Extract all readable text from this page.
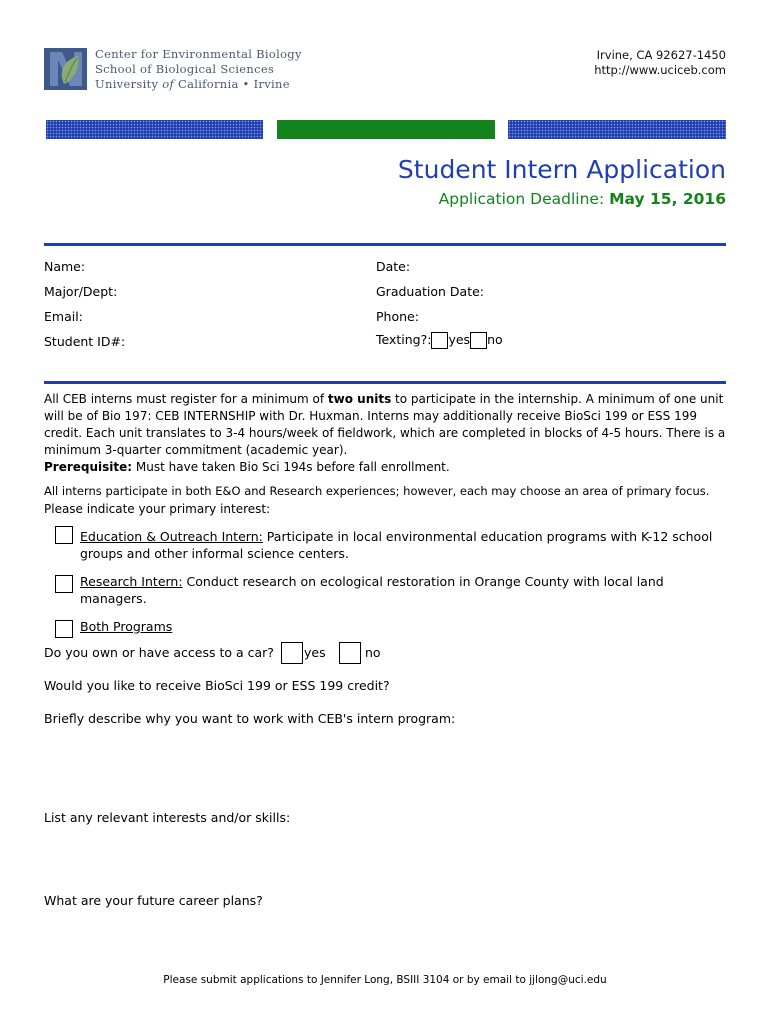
Center for Environmental Biology
School of Biological Sciences
University of California • Irvine
Irvine, CA 92627-1450
http://www.uciceb.com
Student Intern Application
Application Deadline: May 15, 2016
Name:	Date:
Major/Dept:	Graduation Date:
Email:	Phone:
Student ID#:	Texting?: yes no
All CEB interns must register for a minimum of two units to participate in the internship. A minimum of one unit will be of Bio 197: CEB INTERNSHIP with Dr. Huxman. Interns may additionally receive BioSci 199 or ESS 199 credit. Each unit translates to 3-4 hours/week of fieldwork, which are completed in blocks of 4-5 hours. There is a minimum 3-quarter commitment (academic year).
Prerequisite: Must have taken Bio Sci 194s before fall enrollment.
All interns participate in both E&O and Research experiences; however, each may choose an area of primary focus.
Please indicate your primary interest:
Education & Outreach Intern: Participate in local environmental education programs with K-12 school groups and other informal science centers.
Research Intern: Conduct research on ecological restoration in Orange County with local land managers.
Both Programs
Do you own or have access to a car? yes	no
Would you like to receive BioSci 199 or ESS 199 credit?
Briefly describe why you want to work with CEB's intern program:
List any relevant interests and/or skills:
What are your future career plans?
Please submit applications to Jennifer Long, BSIII 3104 or by email to jjlong@uci.edu
